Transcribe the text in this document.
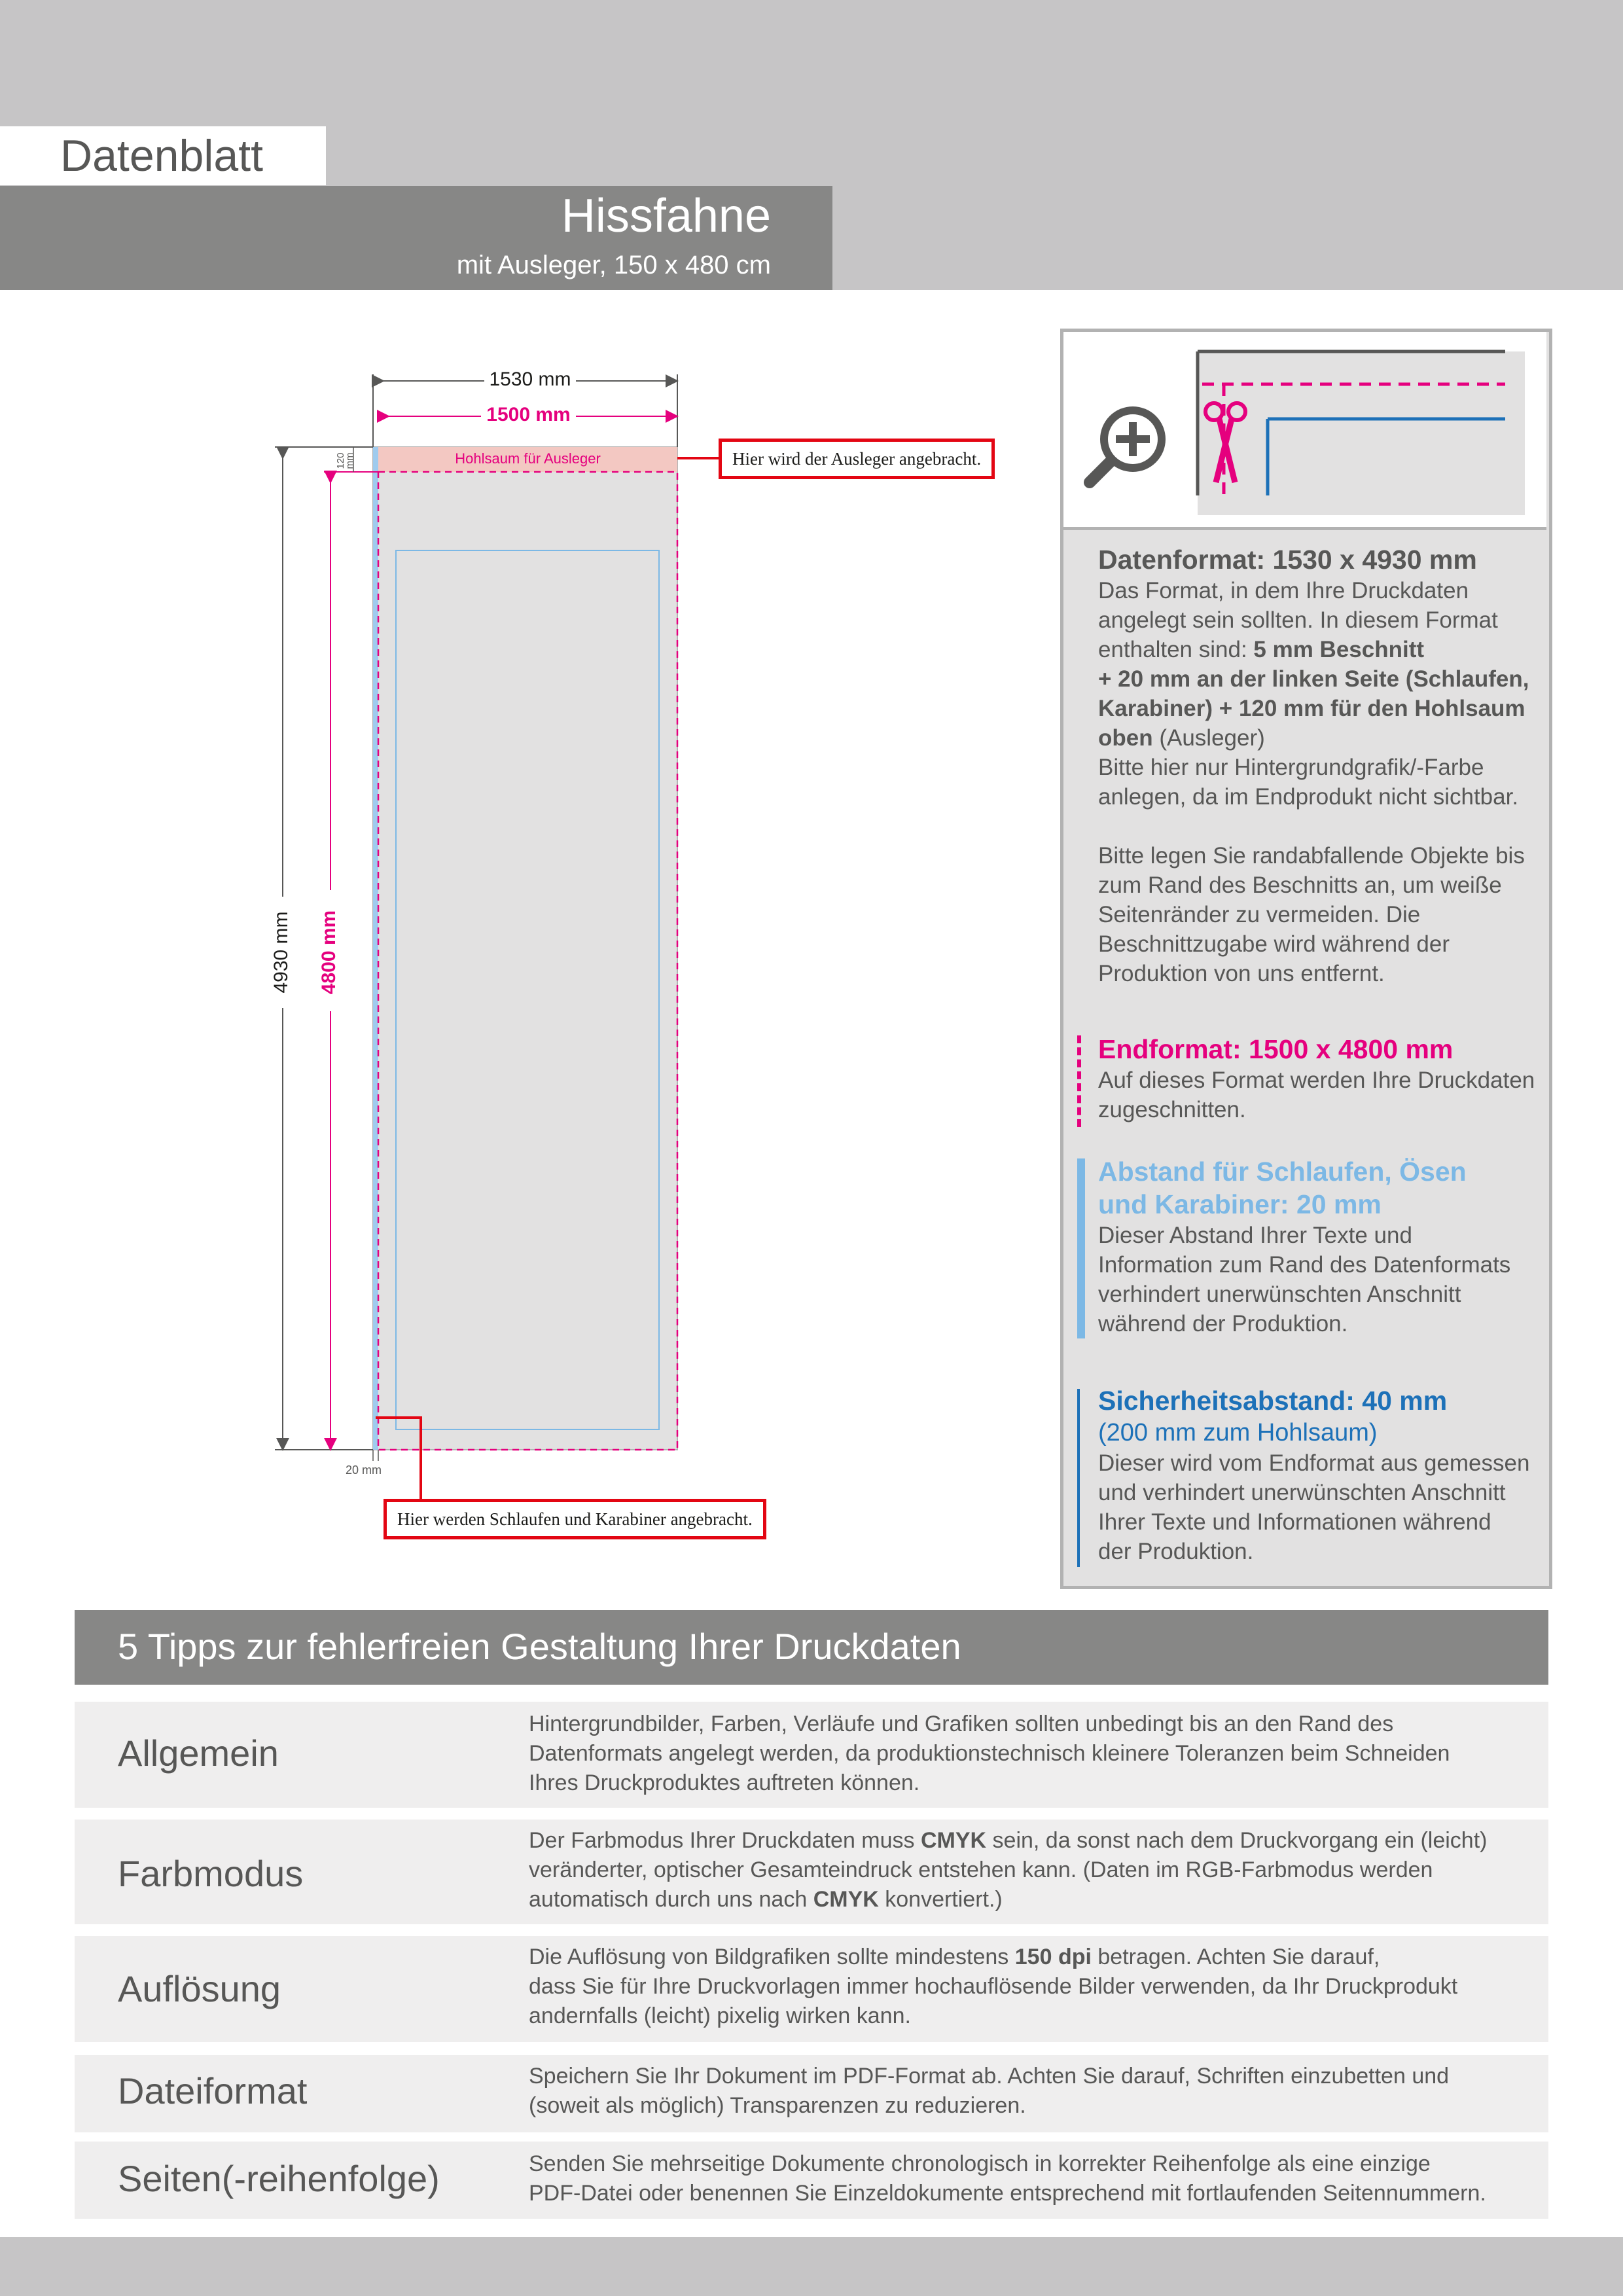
Datenblatt
Hissfahne
mit Ausleger, 150 x 480 cm
1530 mm
1500 mm
Hohlsaum für Ausleger
4930 mm 4800 mm
120
mm
20 mm
Hier wird der Ausleger angebracht.
Hier werden Schlaufen und Karabiner angebracht.
Datenformat: 1530 x 4930 mm
Das Format, in dem Ihre Druckdaten
angelegt sein sollten. In diesem Format
enthalten sind: 5 mm Beschnitt
+ 20 mm an der linken Seite (Schlaufen,
Karabiner) + 120 mm für den Hohlsaum
oben (Ausleger)
Bitte hier nur Hintergrundgrafik/-Farbe
anlegen, da im Endprodukt nicht sichtbar.
Bitte legen Sie randabfallende Objekte bis
zum Rand des Beschnitts an, um weiße
Seitenränder zu vermeiden. Die
Beschnittzugabe wird während der
Produktion von uns entfernt.
Endformat: 1500 x 4800 mm
Auf dieses Format werden Ihre Druckdaten
zugeschnitten.
Abstand für Schlaufen, Ösen
und Karabiner: 20 mm
Dieser Abstand Ihrer Texte und
Information zum Rand des Datenformats
verhindert unerwünschten Anschnitt
während der Produktion.
Sicherheitsabstand: 40 mm
(200 mm zum Hohlsaum)
Dieser wird vom Endformat aus gemessen
und verhindert unerwünschten Anschnitt
Ihrer Texte und Informationen während
der Produktion.
5 Tipps zur fehlerfreien Gestaltung Ihrer Druckdaten
Allgemein
Hintergrundbilder, Farben, Verläufe und Grafiken sollten unbedingt bis an den Rand des
Datenformats angelegt werden, da produktionstechnisch kleinere Toleranzen beim Schneiden
Ihres Druckproduktes auftreten können.
Farbmodus
Der Farbmodus Ihrer Druckdaten muss CMYK sein, da sonst nach dem Druckvorgang ein (leicht)
veränderter, optischer Gesamteindruck entstehen kann. (Daten im RGB-Farbmodus werden
automatisch durch uns nach CMYK konvertiert.)
Auflösung
Die Auflösung von Bildgrafiken sollte mindestens 150 dpi betragen. Achten Sie darauf,
dass Sie für Ihre Druckvorlagen immer hochauflösende Bilder verwenden, da Ihr Druckprodukt
andernfalls (leicht) pixelig wirken kann.
Dateiformat	Speichern Sie Ihr Dokument im PDF-Format ab. Achten Sie darauf, Schriften einzubetten und
(soweit als möglich) Transparenzen zu reduzieren.
Seiten(-reihenfolge)	Senden Sie mehrseitige Dokumente chronologisch in korrekter Reihenfolge als eine einzige
PDF-Datei oder benennen Sie Einzeldokumente entsprechend mit fortlaufenden Seitennummern.
